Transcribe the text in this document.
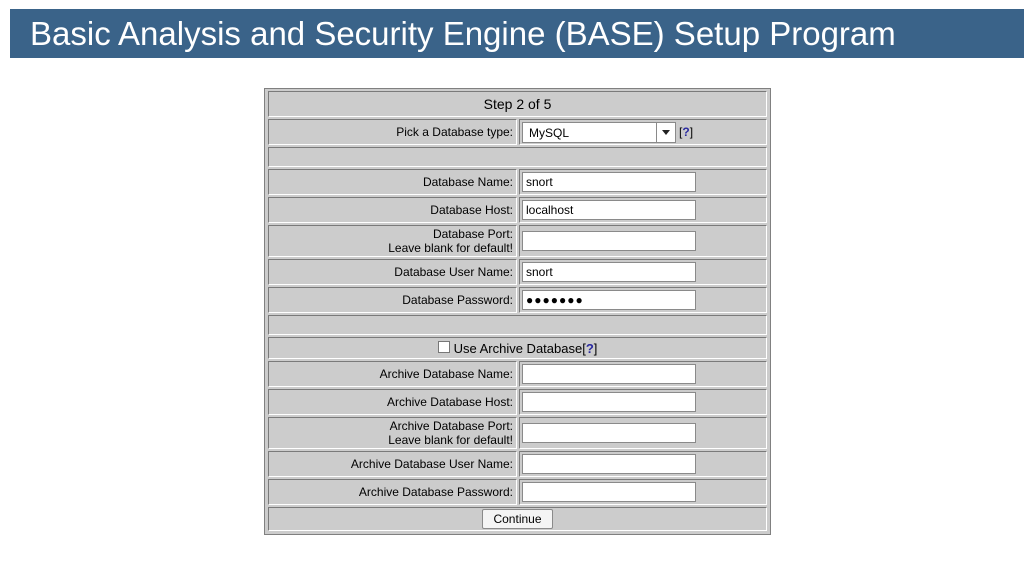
Basic Analysis and Security Engine (BASE) Setup Program
Step 2 of 5
Pick a Database type:	MySQL	[?]
Database Name:	snort
Database Host:	localhost
Database Port:
Leave blank for default!
Database User Name:	snort
Database Password:	●●●●●●●
Use Archive Database [ ? ]
Archive Database Name:
Archive Database Host:
Archive Database Port:
Leave blank for default!
Archive Database User Name:
Archive Database Password:
Continue
